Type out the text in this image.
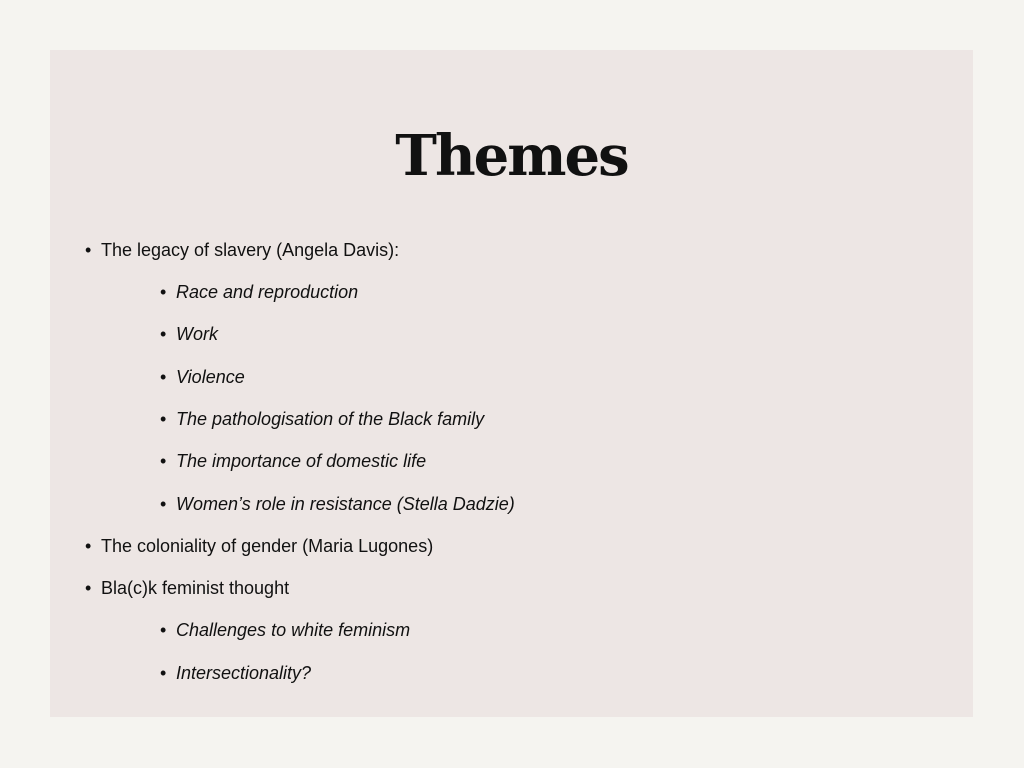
Themes
• The legacy of slavery (Angela Davis):
• Race and reproduction
• Work
• Violence
• The pathologisation of the Black family
• The importance of domestic life
• Women’s role in resistance (Stella Dadzie)
• The coloniality of gender (Maria Lugones)
• Bla(c)k feminist thought
• Challenges to white feminism
• Intersectionality?
